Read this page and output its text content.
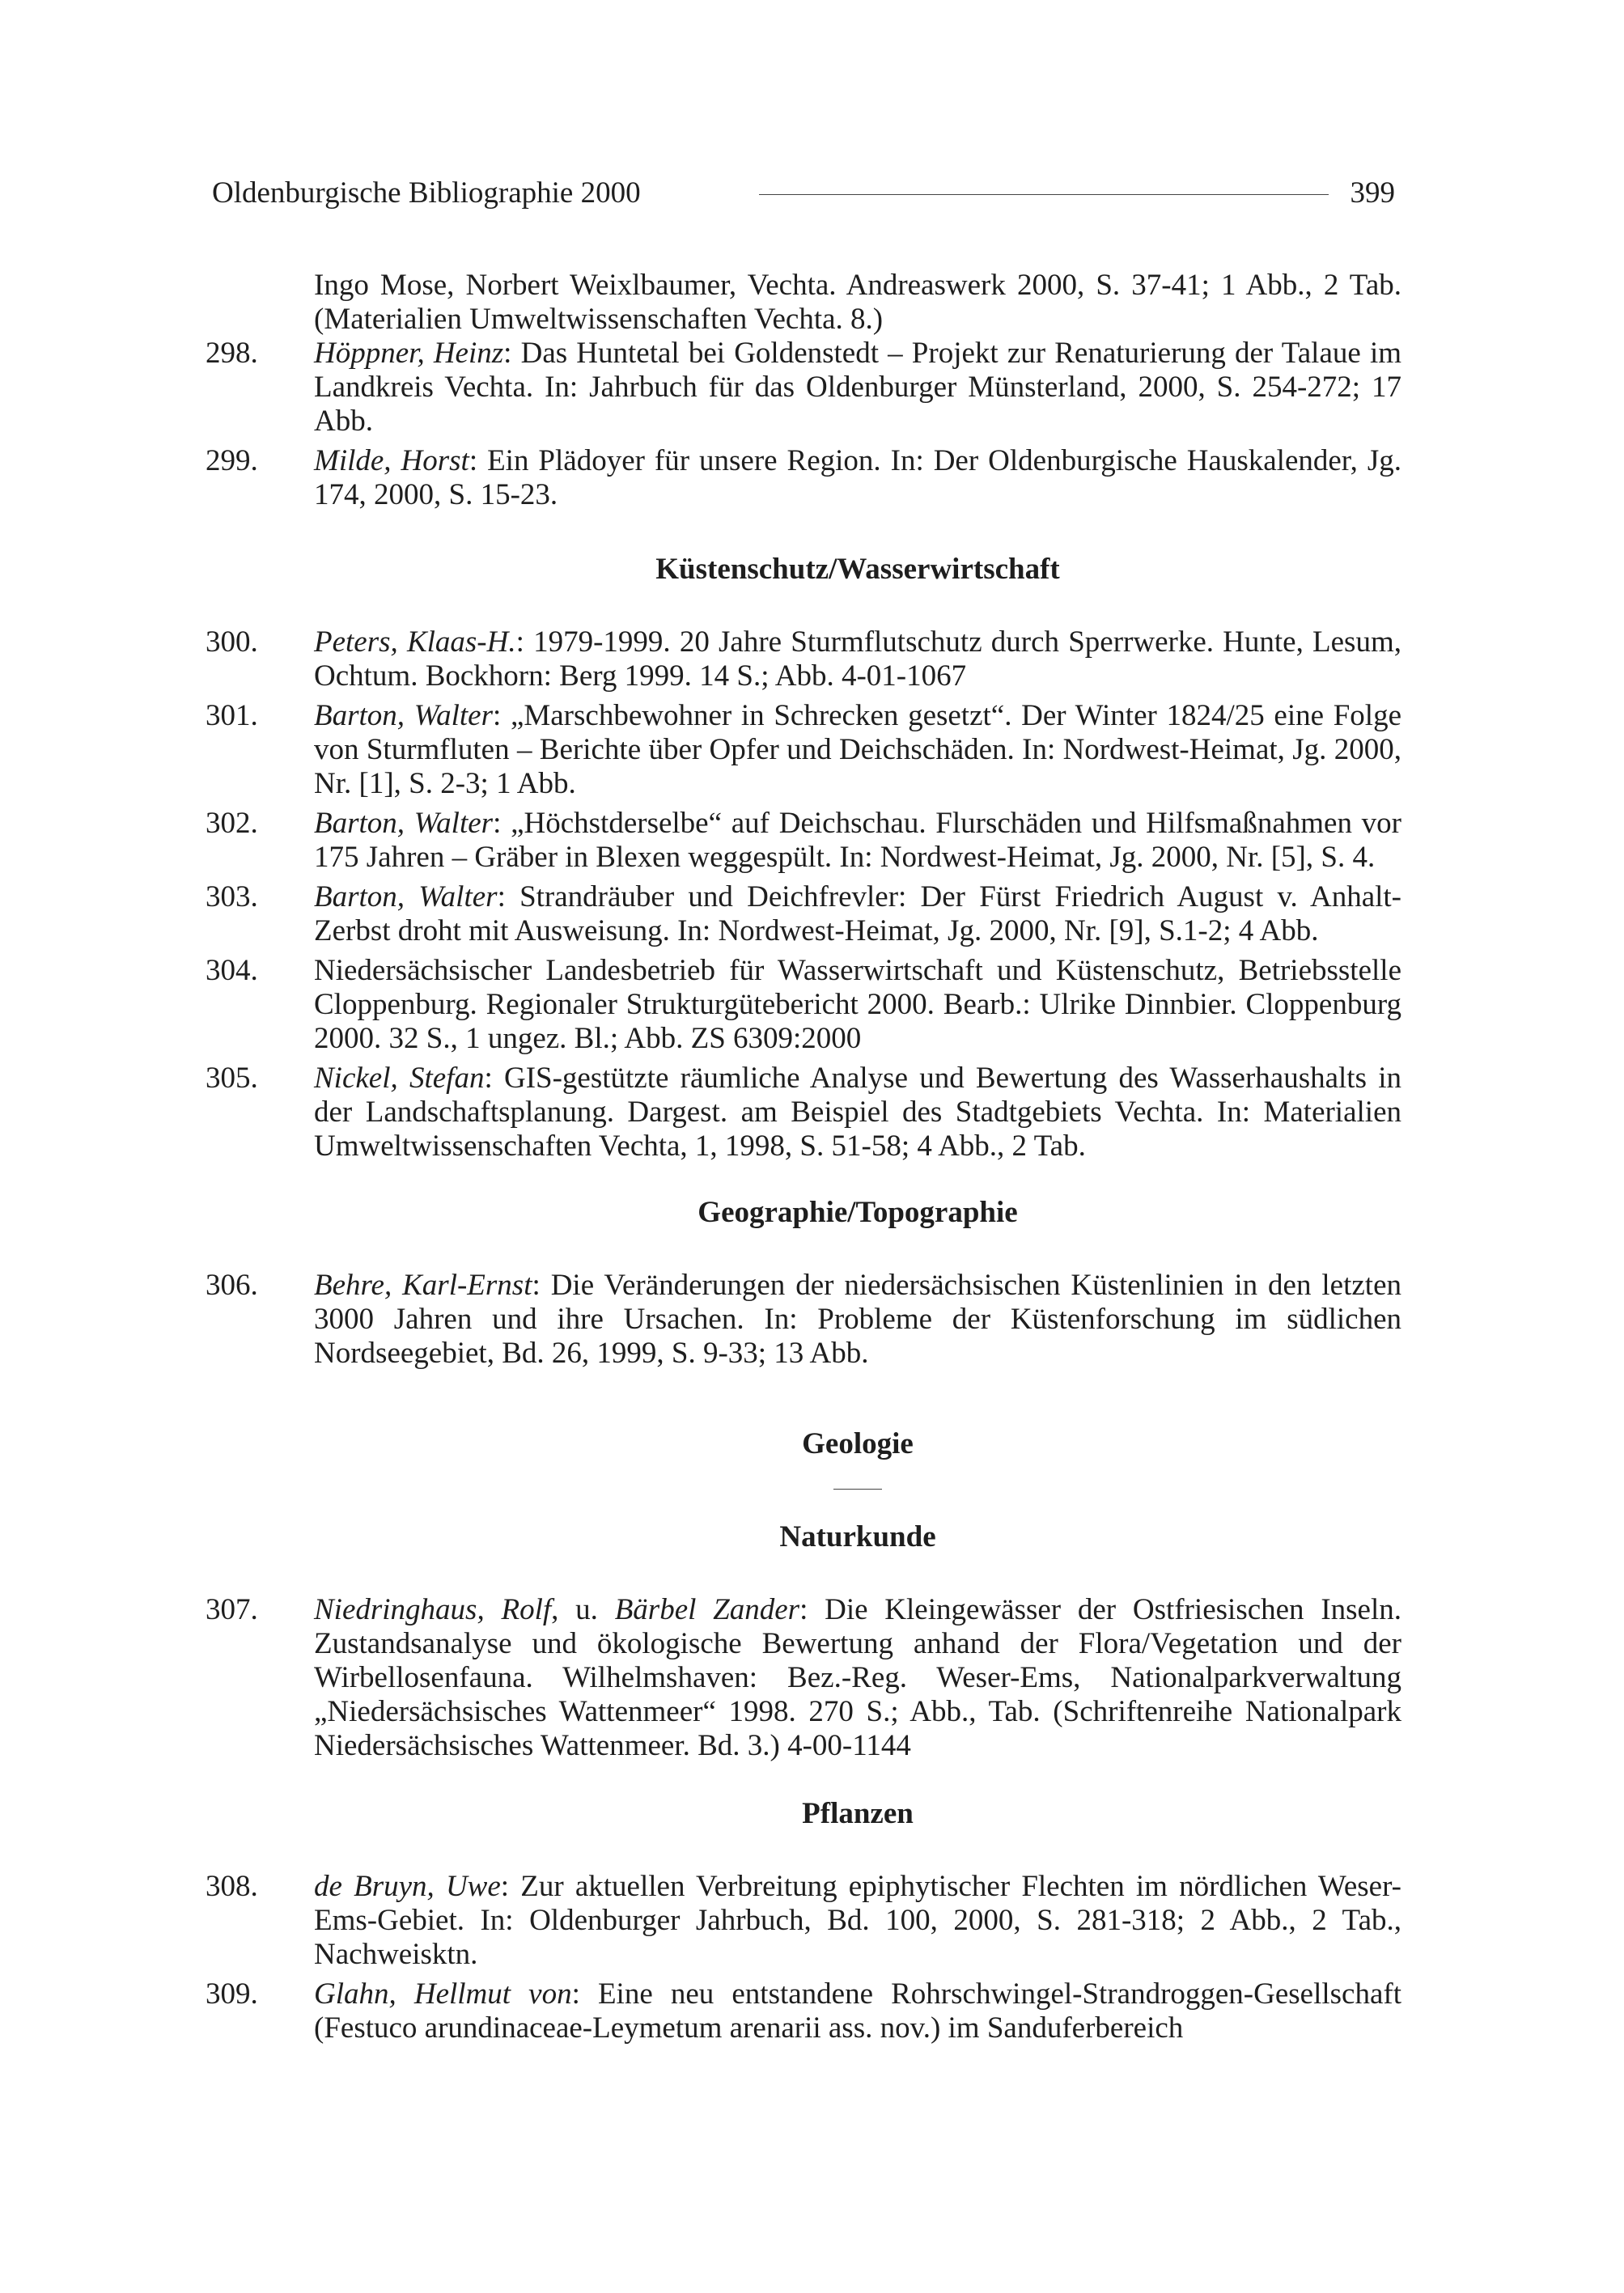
Oldenburgische Bibliographie 2000	399
Ingo Mose, Norbert Weixlbaumer, Vechta. Andreaswerk 2000, S. 37-41; 1 Abb., 2 Tab. (Materialien Umweltwissenschaften Vechta. 8.)
298. Höppner, Heinz: Das Huntetal bei Goldenstedt – Projekt zur Renaturierung der Talaue im Landkreis Vechta. In: Jahrbuch für das Oldenburger Münsterland, 2000, S. 254-272; 17 Abb.
299. Milde, Horst: Ein Plädoyer für unsere Region. In: Der Oldenburgische Hauskalender, Jg. 174, 2000, S. 15-23.
Küstenschutz/Wasserwirtschaft
300. Peters, Klaas-H.: 1979-1999. 20 Jahre Sturmflutschutz durch Sperrwerke. Hunte, Lesum, Ochtum. Bockhorn: Berg 1999. 14 S.; Abb. 4-01-1067
301. Barton, Walter: „Marschbewohner in Schrecken gesetzt“. Der Winter 1824/25 eine Folge von Sturmfluten – Berichte über Opfer und Deichschäden. In: Nordwest-Heimat, Jg. 2000, Nr. [1], S. 2-3; 1 Abb.
302. Barton, Walter: „Höchstderselbe“ auf Deichschau. Flurschäden und Hilfsmaßnahmen vor 175 Jahren – Gräber in Blexen weggespült. In: Nordwest-Heimat, Jg. 2000, Nr. [5], S. 4.
303. Barton, Walter: Strandräuber und Deichfrevler: Der Fürst Friedrich August v. Anhalt-Zerbst droht mit Ausweisung. In: Nordwest-Heimat, Jg. 2000, Nr. [9], S.1-2; 4 Abb.
304. Niedersächsischer Landesbetrieb für Wasserwirtschaft und Küstenschutz, Betriebsstelle Cloppenburg. Regionaler Strukturgütebericht 2000. Bearb.: Ulrike Dinnbier. Cloppenburg 2000. 32 S., 1 ungez. Bl.; Abb. ZS 6309:2000
305. Nickel, Stefan: GIS-gestützte räumliche Analyse und Bewertung des Wasserhaushalts in der Landschaftsplanung. Dargest. am Beispiel des Stadtgebiets Vechta. In: Materialien Umweltwissenschaften Vechta, 1, 1998, S. 51-58; 4 Abb., 2 Tab.
Geographie/Topographie
306. Behre, Karl-Ernst: Die Veränderungen der niedersächsischen Küstenlinien in den letzten 3000 Jahren und ihre Ursachen. In: Probleme der Küstenforschung im südlichen Nordseegebiet, Bd. 26, 1999, S. 9-33; 13 Abb.
Geologie
Naturkunde
307. Niedringhaus, Rolf, u. Bärbel Zander: Die Kleingewässer der Ostfriesischen Inseln. Zustandsanalyse und ökologische Bewertung anhand der Flora/Vegetation und der Wirbellosenfauna. Wilhelmshaven: Bez.-Reg. Weser-Ems, Nationalparkverwaltung „Niedersächsisches Wattenmeer“ 1998. 270 S.; Abb., Tab. (Schriftenreihe Nationalpark Niedersächsisches Wattenmeer. Bd. 3.) 4-00-1144
Pflanzen
308. de Bruyn, Uwe: Zur aktuellen Verbreitung epiphytischer Flechten im nördlichen Weser-Ems-Gebiet. In: Oldenburger Jahrbuch, Bd. 100, 2000, S. 281-318; 2 Abb., 2 Tab., Nachweisktn.
309. Glahn, Hellmut von: Eine neu entstandene Rohrschwingel-Strandroggen-Gesellschaft (Festuco arundinaceae-Leymetum arenarii ass. nov.) im Sanduferbereich
